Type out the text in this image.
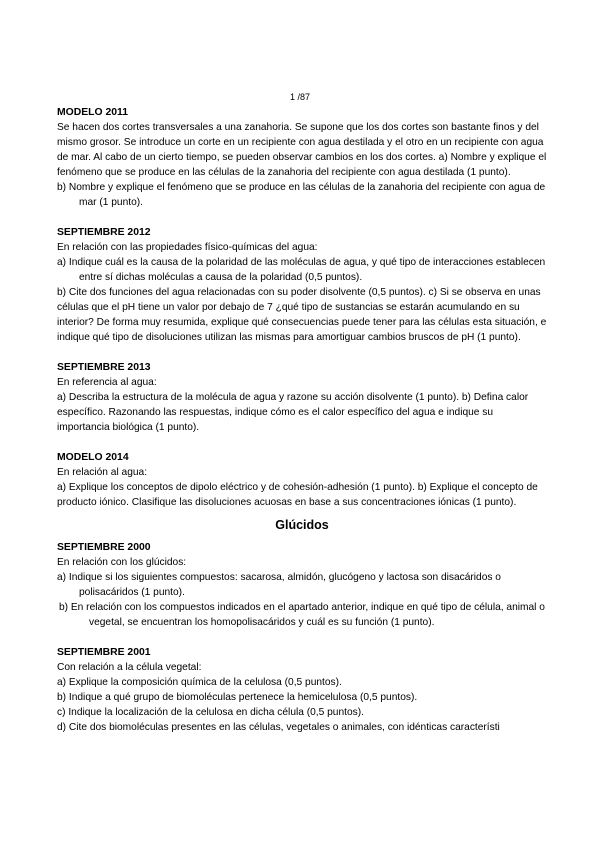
1 /87

MODELO 2011

Se hacen dos cortes transversales a una zanahoria. Se supone que los dos cortes son bastante finos y del mismo grosor. Se introduce un corte en un recipiente con agua destilada y el otro en un recipiente con agua de mar. Al cabo de un cierto tiempo, se pueden observar cambios en los dos cortes. a) Nombre y explique el fenómeno que se produce en las células de la zanahoria del recipiente con agua destilada (1 punto).

b) Nombre y explique el fenómeno que se produce en las células de la zanahoria del recipiente con agua de mar (1 punto).

SEPTIEMBRE 2012

En relación con las propiedades físico-químicas del agua:

a) Indique cuál es la causa de la polaridad de las moléculas de agua, y qué tipo de interacciones establecen entre sí dichas moléculas a causa de la polaridad (0,5 puntos).

b) Cite dos funciones del agua relacionadas con su poder disolvente (0,5 puntos). c) Si se observa en unas células que el pH tiene un valor por debajo de 7 ¿qué tipo de sustancias se estarán acumulando en su interior? De forma muy resumida, explique qué consecuencias puede tener para las células esta situación, e indique qué tipo de disoluciones utilizan las mismas para amortiguar cambios bruscos de pH (1 punto).

SEPTIEMBRE 2013

En referencia al agua:

a) Describa la estructura de la molécula de agua y razone su acción disolvente (1 punto). b) Defina calor específico. Razonando las respuestas, indique cómo es el calor específico del agua e indique su importancia biológica (1 punto).

MODELO 2014

En relación al agua:

a) Explique los conceptos de dipolo eléctrico y de cohesión-adhesión (1 punto). b) Explique el concepto de producto iónico. Clasifique las disoluciones acuosas en base a sus concentraciones iónicas (1 punto).

Glúcidos

SEPTIEMBRE 2000

En relación con los glúcidos:

a) Indique si los siguientes compuestos: sacarosa, almidón, glucógeno y lactosa son disacáridos o polisacáridos (1 punto).

b) En relación con los compuestos indicados en el apartado anterior, indique en qué tipo de célula, animal o vegetal, se encuentran los homopolisacáridos y cuál es su función (1 punto).

SEPTIEMBRE 2001

Con relación a la célula vegetal:

a) Explique la composición química de la celulosa (0,5 puntos).

b) Indique a qué grupo de biomoléculas pertenece la hemicelulosa (0,5 puntos).

c) Indique la localización de la celulosa en dicha célula (0,5 puntos).

d) Cite dos biomoléculas presentes en las células, vegetales o animales, con idénticas característi
